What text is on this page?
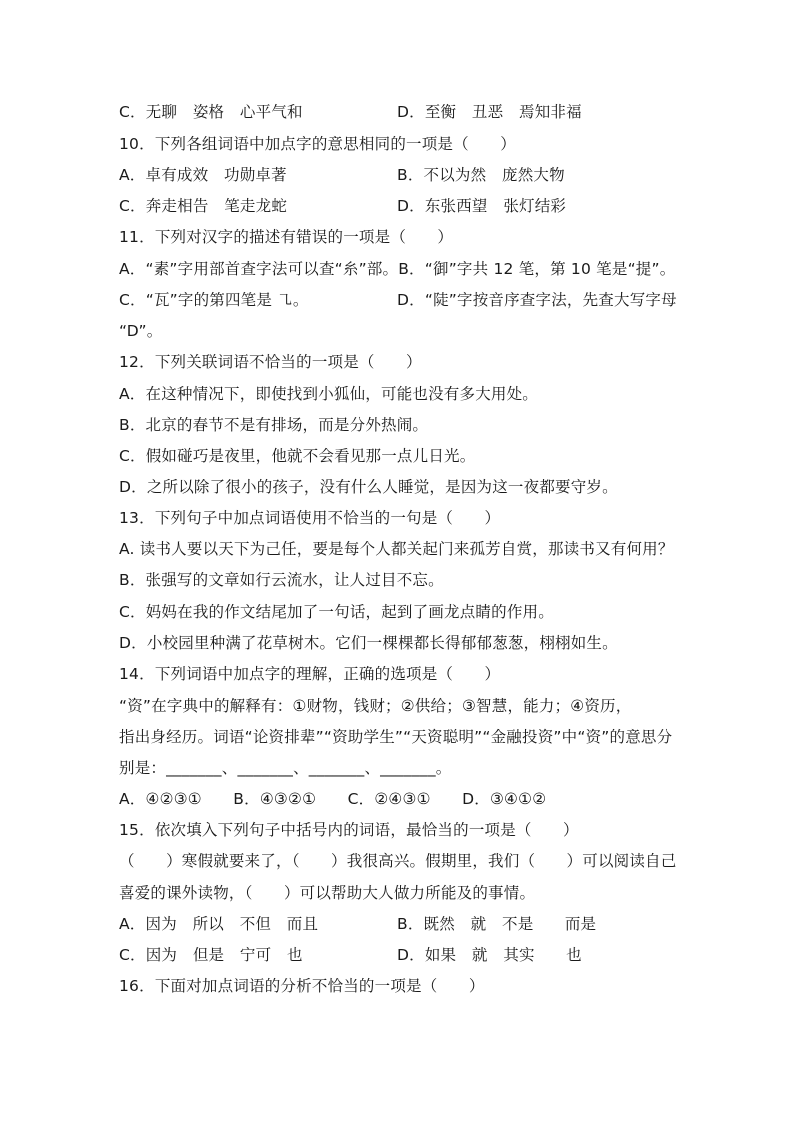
C．无聊　姿格　心平气和	D．至衡　丑恶　焉知非福
10．下列各组词语中加点字的意思相同的一项是（　　）
A．卓有成效　功勋卓著	B．不以为然　庞然大物
C．奔走相告　笔走龙蛇	D．东张西望　张灯结彩
11．下列对汉字的描述有错误的一项是（　　）
A．“素”字用部首查字法可以查“糸”部。B．“御”字共 12 笔，第 10 笔是“提”。
C．“瓦”字的第四笔是 ㇈。	D．“陡”字按音序查字法，先查大写字母
“D”。
12．下列关联词语不恰当的一项是（　　）
A．在这种情况下，即使找到小狐仙，可能也没有多大用处。
B．北京的春节不是有排场，而是分外热闹。
C．假如碰巧是夜里，他就不会看见那一点儿日光。
D．之所以除了很小的孩子，没有什么人睡觉，是因为这一夜都要守岁。
13．下列句子中加点词语使用不恰当的一句是（　　）
A. 读书人要以天下为己任，要是每个人都关起门来孤芳自赏，那读书又有何用？
B．张强写的文章如行云流水，让人过目不忘。
C．妈妈在我的作文结尾加了一句话，起到了画龙点睛的作用。
D．小校园里种满了花草树木。它们一棵棵都长得郁郁葱葱，栩栩如生。
14．下列词语中加点字的理解，正确的选项是（　　）
“资”在字典中的解释有：①财物，钱财；②供给；③智慧，能力；④资历，
指出身经历。词语“论资排辈”“资助学生”“天资聪明”“金融投资”中“资”的意思分
别是：_______、_______、_______、_______。
A．④②③①　　B．④③②①　　C．②④③①　　D．③④①②
15．依次填入下列句子中括号内的词语，最恰当的一项是（　　）
（　　）寒假就要来了，（　　）我很高兴。假期里，我们（　　）可以阅读自己
喜爱的课外读物，（　　）可以帮助大人做力所能及的事情。
A．因为　所以　不但　而且	B．既然　就　不是　　而是
C．因为　但是　宁可　也	D．如果　就　其实　　也
16．下面对加点词语的分析不恰当的一项是（　　）
